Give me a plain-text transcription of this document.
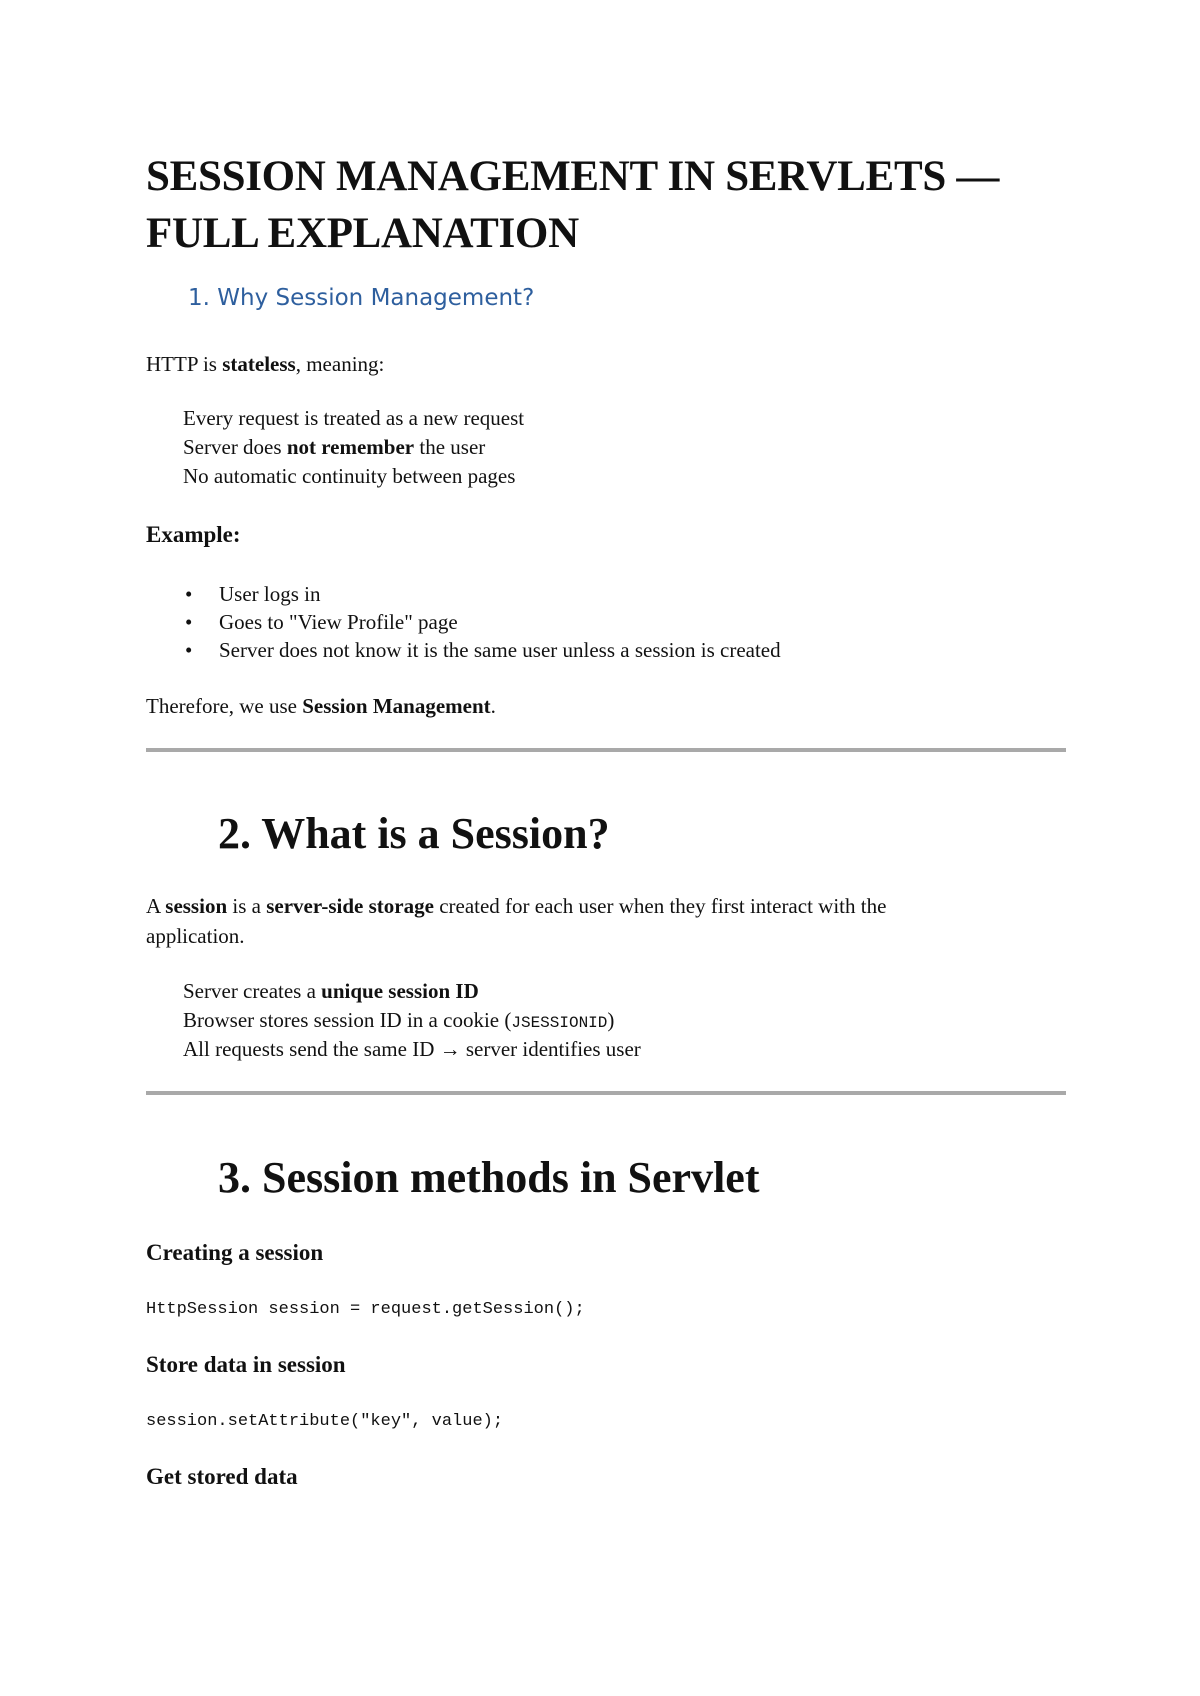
SESSION MANAGEMENT IN SERVLETS — FULL EXPLANATION
1. Why Session Management?

HTTP is stateless, meaning:

Every request is treated as a new request
Server does not remember the user
No automatic continuity between pages

Example:

• User logs in
• Goes to "View Profile" page
• Server does not know it is the same user unless a session is created

Therefore, we use Session Management.

2. What is a Session?

A session is a server-side storage created for each user when they first interact with the
application.

Server creates a unique session ID
Browser stores session ID in a cookie (JSESSIONID)
All requests send the same ID → server identifies user
3. Session methods in Servlet

Creating a session

HttpSession session = request.getSession();

Store data in session

session.setAttribute("key", value);

Get stored data
